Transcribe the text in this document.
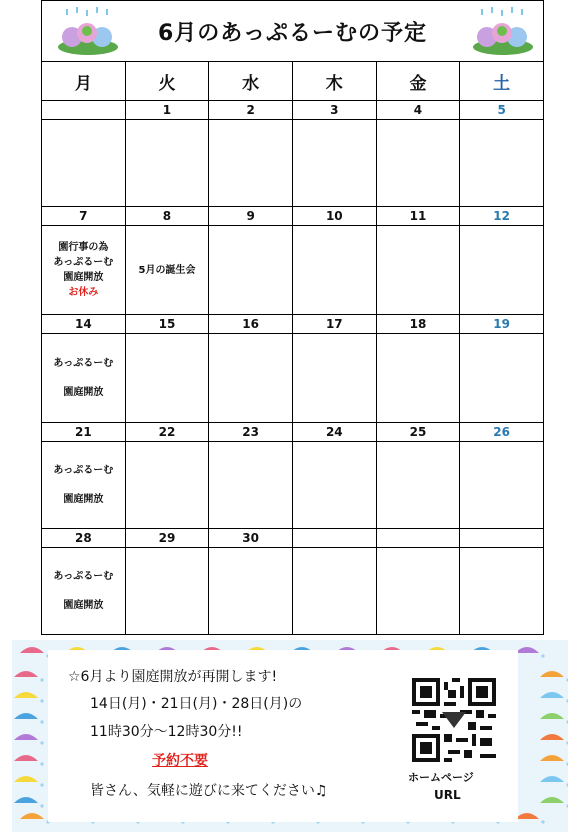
6月のあっぷるーむの予定
月	火	水	木	金	土
	1	2	3	4	5

7	8	9	10	11	12
園行事の為
あっぷるーむ
園庭開放
お休み	5月の誕生会				
14	15	16	17	18	19
あっぷるーむ
園庭開放					
21	22	23	24	25	26
あっぷるーむ
園庭開放					
28	29	30			
あっぷるーむ
園庭開放					
☆6月より園庭開放が再開します!
14日(月)・21日(月)・28日(月)の
11時30分～12時30分!!
予約不要
皆さん、気軽に遊びに来てください♫
ホームページ
URL
